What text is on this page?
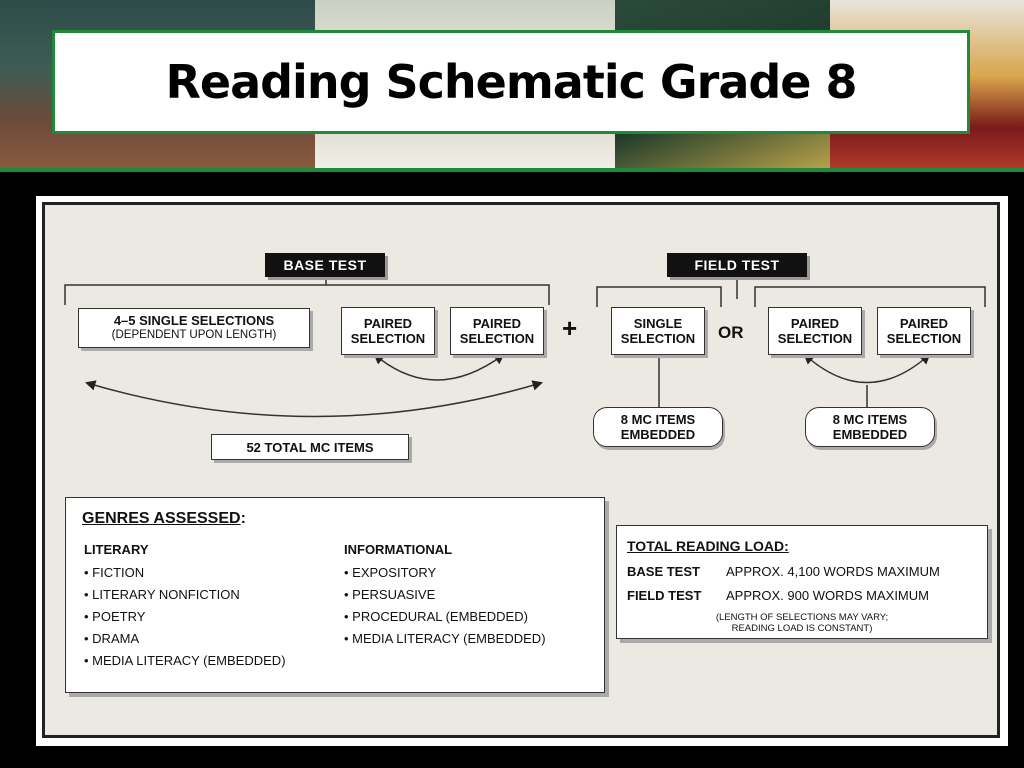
Reading Schematic Grade 8
BASE TEST
4–5 SINGLE SELECTIONS
(DEPENDENT UPON LENGTH)
PAIRED
SELECTION
PAIRED
SELECTION
52 TOTAL MC ITEMS
+
FIELD TEST
SINGLE
SELECTION OR	PAIRED
SELECTION
PAIRED
SELECTION
8 MC ITEMS
EMBEDDED
8 MC ITEMS
EMBEDDED
GENRES ASSESSED:
LITERARY
• FICTION
• LITERARY NONFICTION
• POETRY
• DRAMA
• MEDIA LITERACY (EMBEDDED)
INFORMATIONAL
• EXPOSITORY
• PERSUASIVE
• PROCEDURAL (EMBEDDED)
• MEDIA LITERACY (EMBEDDED)
TOTAL READING LOAD:
BASE TEST APPROX. 4,100 WORDS MAXIMUM
FIELD TEST APPROX. 900 WORDS MAXIMUM
(LENGTH OF SELECTIONS MAY VARY;
READING LOAD IS CONSTANT)
